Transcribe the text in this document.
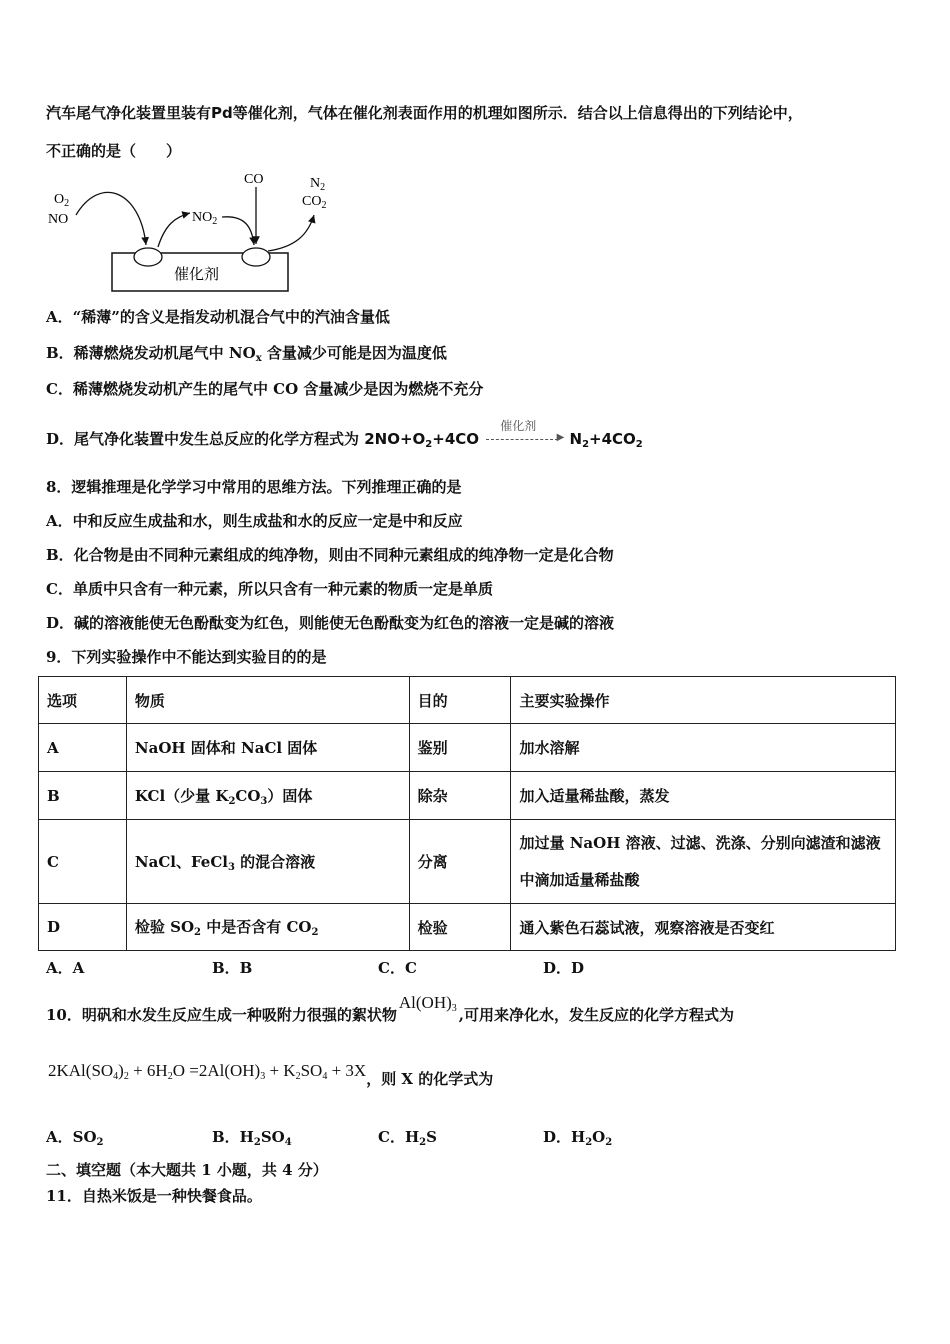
汽车尾气净化装置里装有Pd等催化剂，气体在催化剂表面作用的机理如图所示．结合以上信息得出的下列结论中，
不正确的是（　　）
$O_2$
NO	$NO_2$
CO	$N_2$
$CO_2$
催化剂
A．“稀薄”的含义是指发动机混合气中的汽油含量低
B．稀薄燃烧发动机尾气中 $NO_x$ 含量减少可能是因为温度低
C．稀薄燃烧发动机产生的尾气中 CO 含量减少是因为燃烧不充分
D．尾气净化装置中发生总反应的化学方程式为 $2NO+O_2+4CO$
催化剂
▶ $N_2+4CO_2$
8．逻辑推理是化学学习中常用的思维方法。下列推理正确的是
A．中和反应生成盐和水，则生成盐和水的反应一定是中和反应
B．化合物是由不同种元素组成的纯净物，则由不同种元素组成的纯净物一定是化合物
C．单质中只含有一种元素，所以只含有一种元素的物质一定是单质
D．碱的溶液能使无色酚酞变为红色，则能使无色酚酞变为红色的溶液一定是碱的溶液
9．下列实验操作中不能达到实验目的的是
选项	物质	目的	主要实验操作
A	NaOH 固体和 NaCl 固体	鉴别	加水溶解
B	KCl（少量 $K_2CO_3$）固体	除杂	加入适量稀盐酸，蒸发
C	NaCl、FeCl$_3$ 的混合溶液	分离	加过量 NaOH 溶液、过滤、洗涤、分别向滤渣和滤液中滴加适量稀盐酸
D	检验 $SO_2$ 中是否含有 $CO_2$	检验	通入紫色石蕊试液，观察溶液是否变红
A．A	B．B	C．C	D．D
10．明矾和水发生反应生成一种吸附力很强的絮状物$Al(OH)_3$ ,可用来净化水，发生反应的化学方程式为
$2KAl(SO_4)_2 + 6H_2O =2Al(OH)_3 + K_2SO_4 + 3X$，则 X 的化学式为
A．$SO_2$	B．$H_2SO_4$	C．$H_2S$	D．$H_2O_2$
二、填空题（本大题共 1 小题，共 4 分）
11．自热米饭是一种快餐食品。
